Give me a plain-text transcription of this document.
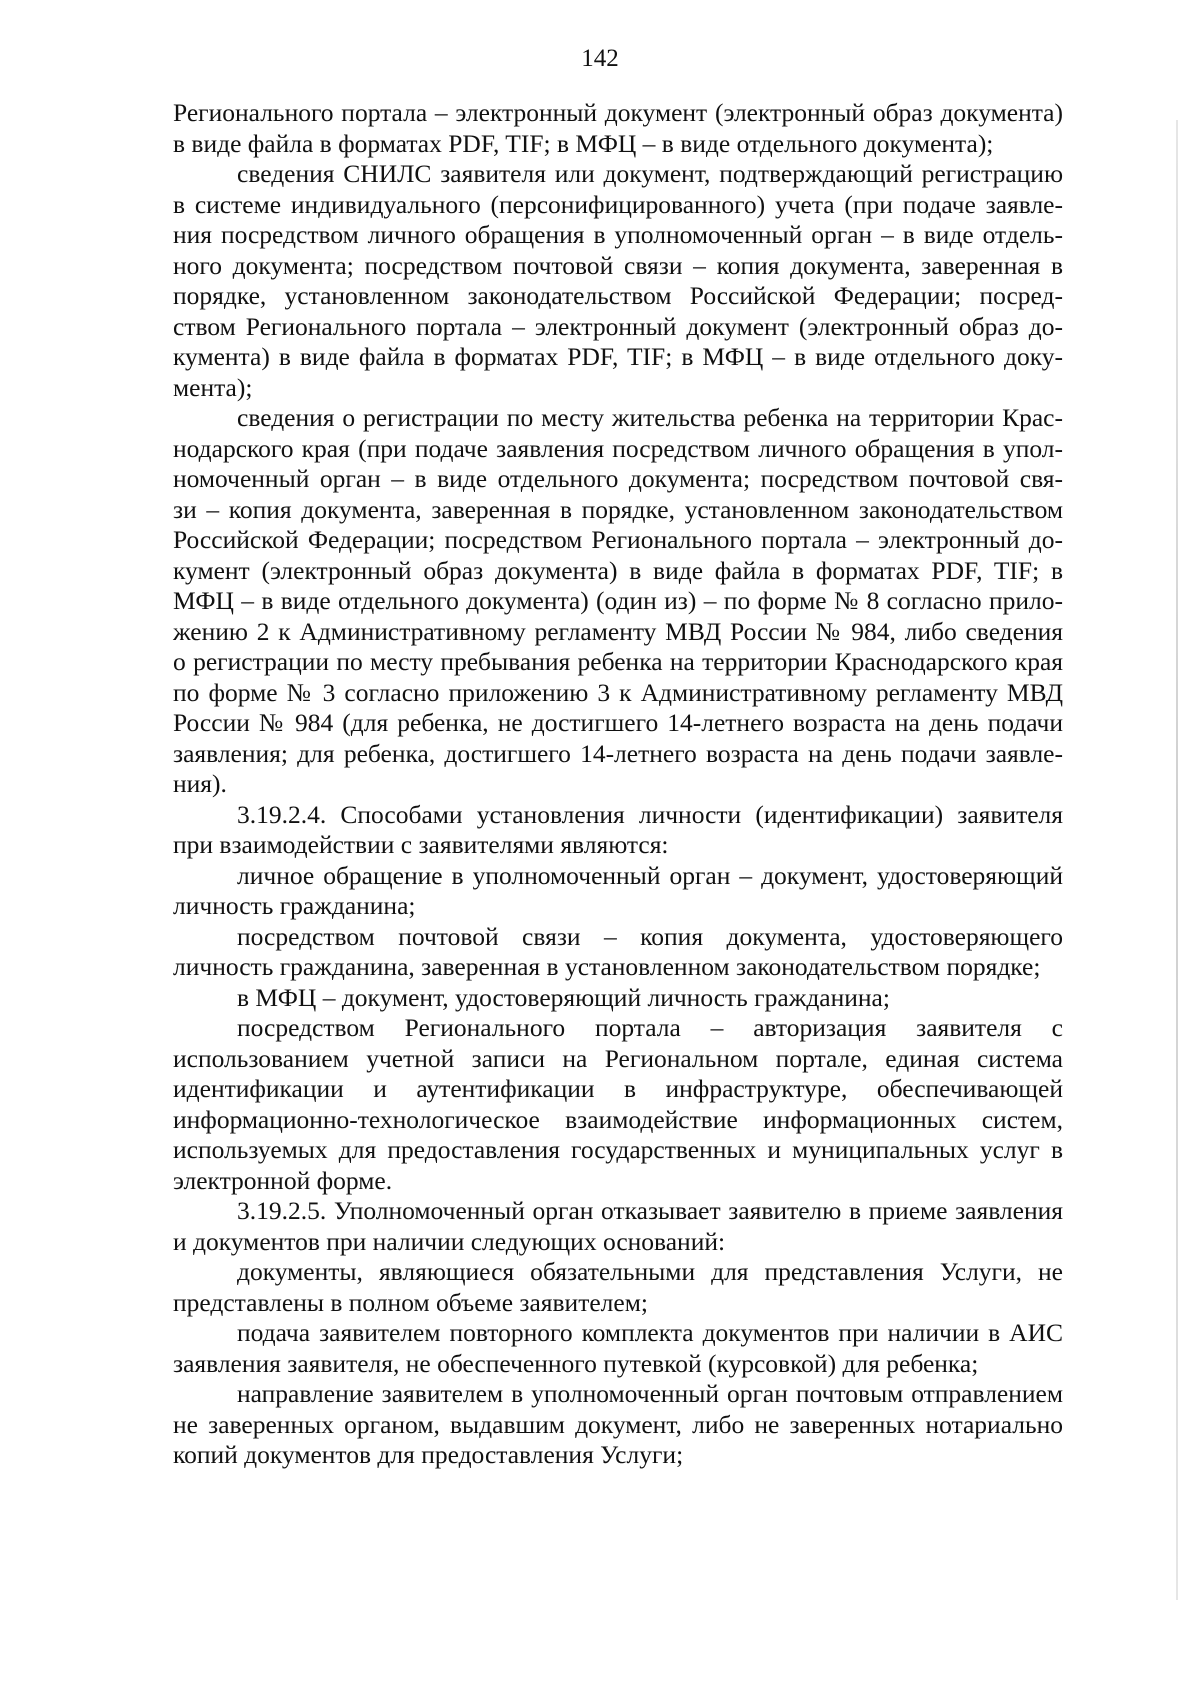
142
Регионального портала – электронный документ (электронный образ документа)
в виде файла в форматах PDF, TIF; в МФЦ – в виде отдельного документа);
сведения СНИЛС заявителя или документ, подтверждающий регистрацию
в системе индивидуального (персонифицированного) учета (при подаче заявле-
ния посредством личного обращения в уполномоченный орган – в виде отдель-
ного документа; посредством почтовой связи – копия документа, заверенная в
порядке, установленном законодательством Российской Федерации; посред-
ством Регионального портала – электронный документ (электронный образ до-
кумента) в виде файла в форматах PDF, TIF; в МФЦ – в виде отдельного доку-
мента);
сведения о регистрации по месту жительства ребенка на территории Крас-
нодарского края (при подаче заявления посредством личного обращения в упол-
номоченный орган – в виде отдельного документа; посредством почтовой свя-
зи – копия документа, заверенная в порядке, установленном законодательством
Российской Федерации; посредством Регионального портала – электронный до-
кумент (электронный образ документа) в виде файла в форматах PDF, TIF; в
МФЦ – в виде отдельного документа) (один из) – по форме № 8 согласно прило-
жению 2 к Административному регламенту МВД России № 984, либо сведения
о регистрации по месту пребывания ребенка на территории Краснодарского края
по форме № 3 согласно приложению 3 к Административному регламенту МВД
России № 984 (для ребенка, не достигшего 14-летнего возраста на день подачи
заявления; для ребенка, достигшего 14-летнего возраста на день подачи заявле-
ния).
3.19.2.4. Способами установления личности (идентификации) заявителя
при взаимодействии с заявителями являются:
личное обращение в уполномоченный орган – документ, удостоверяющий
личность гражданина;
посредством почтовой связи – копия документа, удостоверяющего
личность гражданина, заверенная в установленном законодательством порядке;
в МФЦ – документ, удостоверяющий личность гражданина;
посредством Регионального портала – авторизация заявителя с
использованием учетной записи на Региональном портале, единая система
идентификации и аутентификации в инфраструктуре, обеспечивающей
информационно-технологическое взаимодействие информационных систем,
используемых для предоставления государственных и муниципальных услуг в
электронной форме.
3.19.2.5. Уполномоченный орган отказывает заявителю в приеме заявления
и документов при наличии следующих оснований:
документы, являющиеся обязательными для представления Услуги, не
представлены в полном объеме заявителем;
подача заявителем повторного комплекта документов при наличии в АИС
заявления заявителя, не обеспеченного путевкой (курсовкой) для ребенка;
направление заявителем в уполномоченный орган почтовым отправлением
не заверенных органом, выдавшим документ, либо не заверенных нотариально
копий документов для предоставления Услуги;
